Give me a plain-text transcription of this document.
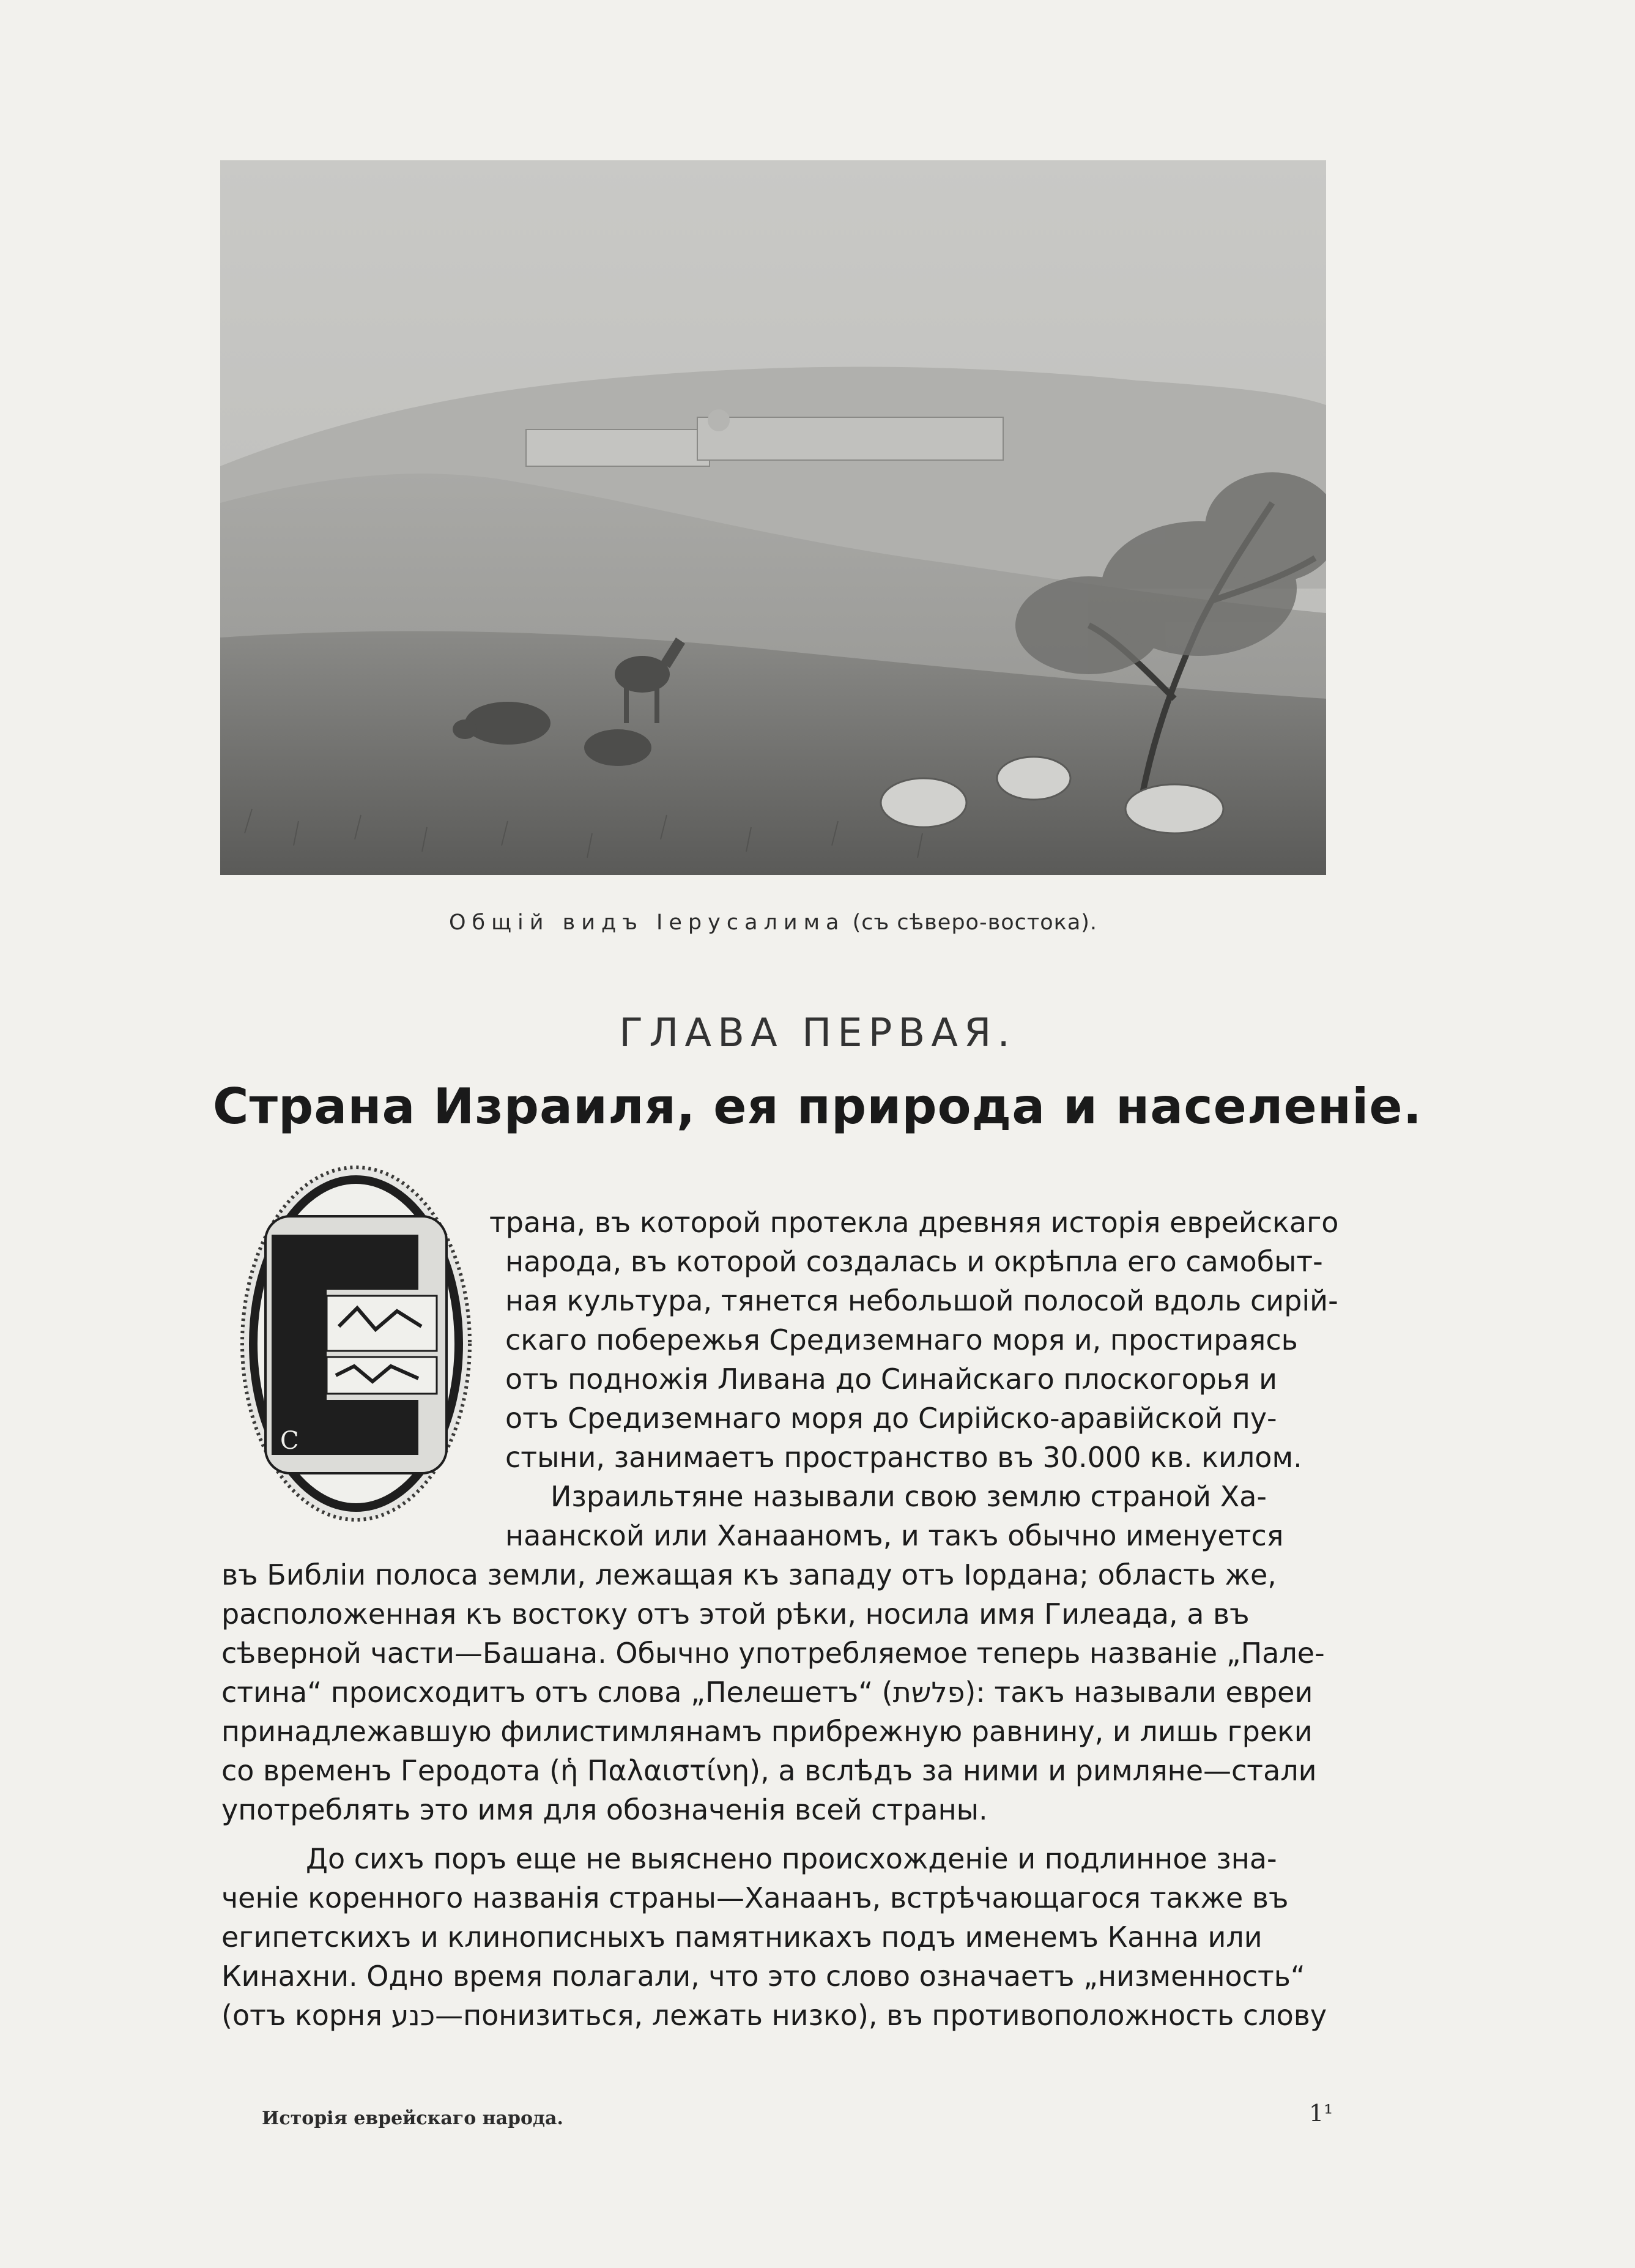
Общій видъ Іерусалима (съ сѣверо-востока).
ГЛАВА ПЕРВАЯ.
Страна Израиля, ея природа и населеніе.
С
трана, въ которой протекла древняя исторія еврейскаго
народа, въ которой создалась и окрѣпла его самобыт-
ная культура, тянется небольшой полосой вдоль сирій-
скаго побережья Средиземнаго моря и, простираясь
отъ подножія Ливана до Синайскаго плоскогорья и
отъ Средиземнаго моря до Сирійско-аравійской пу-
стыни, занимаетъ пространство въ 30.000 кв. килом.
Израильтяне называли свою землю страной Ха-
наанской или Ханааномъ, и такъ обычно именуется
въ Библіи полоса земли, лежащая къ западу отъ Іордана; область же,
расположенная къ востоку отъ этой рѣки, носила имя Гилеада, а въ
сѣверной части—Башана. Обычно употребляемое теперь названіе „Пале-
стина“ происходитъ отъ слова „Пелешетъ“ (פלשת): такъ называли евреи
принадлежавшую филистимлянамъ прибрежную равнину, и лишь греки
со временъ Геродота (ἡ Παλαιστίνη), а вслѣдъ за ними и римляне—стали
употреблять это имя для обозначенія всей страны.
До сихъ поръ еще не выяснено происхожденіе и подлинное зна-
ченіе коренного названія страны—Ханаанъ, встрѣчающагося также въ
египетскихъ и клинописныхъ памятникахъ подъ именемъ Канна или
Кинахни. Одно время полагали, что это слово означаетъ „низменность“
(отъ корня כנע—понизиться, лежать низко), въ противоположность слову
Исторія еврейскаго народа.	1¹
